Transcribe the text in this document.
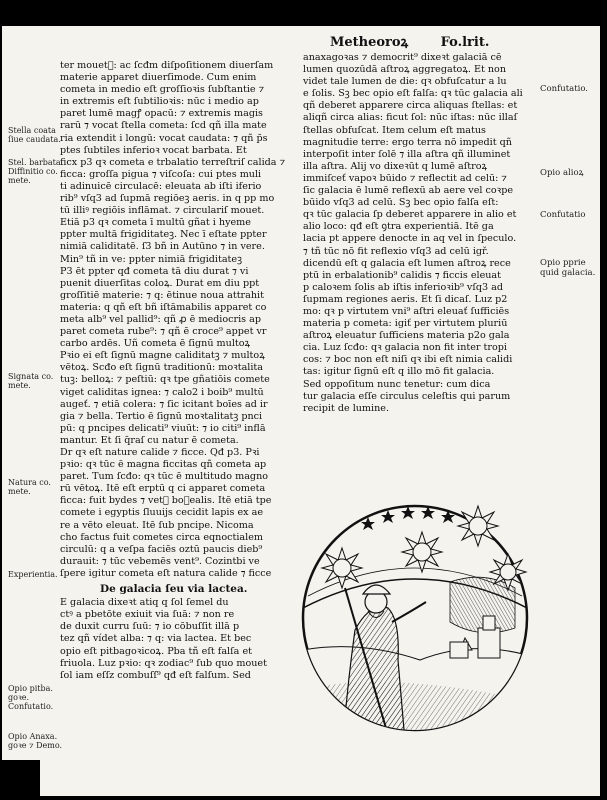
Metheoroꝝ	Fo.lrit.
ter mouetᷣ: ac ſcđm diſpoſitionem diuerſam
materie apparet diuerſimode. Cum enim
cometa in medio eſt groſſioꝛis ſubſtantie ⁊
in extremis eſt ſubtilioꝛis: nūc i medio ap
paret lumē magꝭ opacū: ⁊ extremis magis
rarū ⁊ vocat ſtella cometa: ſcd qñ illa mate
ria extendit i longū: vocat caudata: ⁊ qñ p̄s
ptes ſubtiles inferioꝛ vocat barbata. Et
ficx p3 qꝛ cometa e trbalatio terreſtriſ calida ⁊
ficca: groſſa pigua ⁊ viſcoſa: cui ptes muli
ti adinuicē circulacē: eleuata ab iſti iferio
rib⁹ vſq3 ad ſupmā regiōeꝫ aeris. in q pp mo
tū illiꝰ regiōis inflāmat. ⁊ circulariſ mouet.
Etiā p3 qꝛ cometa ī multū gñat i hyeme
ppter multā frigiditateꝫ. Nec ī eſtate ppter
nimiā caliditatē. ſ3 bñ in Autūno ⁊ in vere.
Min⁹ tñ in ve: ppter nimiā frigiditateꝫ
P3 ēt ppter qđ cometa tā diu durat ⁊ vi
puenit diuerſitas coloꝝ. Durat em diu ppt
groſſitiē materie: ⁊ q: ētinue noua attrahit
materia: q qñ eſt bñ iſtāmabilis apparet co
meta alb⁹ vel pallid⁹: qñ ꝓ ē mediocris ap
paret cometa rube⁹: ⁊ qñ ē croce⁹ appet vr
carbo ardēs. Uñ cometa ē ſignū multoꝝ
Pꝛio ei eſt ſignū magne caliditatꝫ ⁊ multoꝝ
vētoꝝ. Scđo eſt ſignū traditionū: moꝛtalita
tuꝫ: belloꝝ: ⁊ peſtiū: qꝛ tpe gñatiōis comete
viget caliditas ignea: ⁊ calo2 i boib⁹ multū
augeť. ⁊ etiā colera: ⁊ ſic icitant boīes ad ir
gia ⁊ bella. Tertio ē ſignū moꝛtalitatꝫ pnci
pū: q pncipes delicati⁹ viuūt: ⁊ io citi⁹ inflā
mantur. Et ſi q̄raſ cu natur ē cometa.
Dr qꝛ eſt nature calide ⁊ ficce. Qđ p3. Pꝛi
pꝛio: qꝛ tūc ē magna ficcitas qñ cometa ap
paret. Tum ſcđo: qꝛ tūc ē multitudo magno
rū vētoꝝ. Itē eſt erptū q ci apparet cometa
ficca: fuit bydes ⁊ vetᷣ boꝛealis. Itē etiā tpe
comete i egyptis ſluuijs cecidit lapis ex ae
re a vēto eleuat. Itē ſub pncipe. Nicoma
cho factus fuit cometes circa eqnoctialem
circulū: q a veſpa faciēs oztū paucis dieb⁹
durauit: ⁊ tūc vebemēs vent⁹. Cozintbi ve
ſpere igitur cometa eſt natura calide ⁊ ficce
De galacia ſeu via lactea.
E galacia dixeꝛt atiq q ſol ſemel du
ctꝰ a pbetōte exiuit via ſuā: ⁊ non re
de duxit curru ſuū: ⁊ io cōbuſſit illā p
tez qñ vídet alba: ⁊ q: via lactea. Et bec
opio eſt pitbagoꝛicoꝝ. Pba tñ eſt falſa et
friuola. Luz pꝛio: qꝛ zodiac⁹ ſub quo mouet
ſol iam eſſz combuſſ⁹ qđ eſt falſum. Sed
anaxagoꝛas ⁊ democrit⁹ dixeꝛt galaciā cē
lumen quozūdā aſtroꝝ aggregatoꝝ. Et non
videt tale lumen de die: qꝛ obfuſcatur a lu
e ſolis. Sꝫ bec opio eſt falſa: qꝛ tūc galacia ali
qñ deberet apparere circa aliquas ſtellas: et
aliqñ circa alias: ficut ſol: nūc iſtas: nūc illaſ
ſtellas obfuſcat. Item celum eſt matus
magnitudie terre: ergo terra nō impedit qñ
interpoſit inter ſolē ⁊ illa aſtra qñ illuminet
illa aſtra. Alij vo dixeꝛūt q lumē aſtroꝝ
immiſceť vapoꝛ būido ⁊ reflectit ad celū: ⁊
ſic galacia ē lumē reflexū ab aere vel coꝛpe
būido vſq3 ad celū. Sꝫ bec opio falſa eſt:
qꝛ tūc galacia ſp deberet apparere in alio et
alio loco: qđ eſt ꝯtra experientiā. Itē ga
lacia pt appere denocte in aq vel in ſpeculo.
⁊ tñ tūc nō fit reflexio vſq3 ad celū igř.
dicendū eſt q galacia eſt lumen aſtroꝝ rece
ptū in erbalationib⁹ calidis ⁊ ficcis eleuat
p caloꝛem ſolis ab iſtis inferioꝛib⁹ vſq3 ad
ſupmam regiones aeris. Et ſi dicaſ. Luz p2
mo: qꝛ p virtutem vni⁹ aſtri eleuať ſufficiēs
materia p cometa: igiť per virtutem pluriū
aſtroꝝ eleuatur ſufficiens materia p2o gala
cia. Luz ſcđo: qꝛ galacia non fit inter tropi
cos: ⁊ boc non eſt niſi qꝛ ibi eſt nimia calidi
tas: igitur ſignū eſt q illo mō fit galacia.
Sed oppoſitum nunc tenetur: cum dica
tur galacia eſſe circulus celeſtis qui parum
recipit de lumine.
Stella coata ſiue caudata.
Stel. barbata. Diffinitio co. mete.
Signata co. mete.
Natura co. mete.
Experientia.
Opio pitba. goꝛe. Confutatio.
Opio Anaxa. goꝛe ⁊ Demo.
Confutatio.
Opio alioꝝ
Confutatio
Opio pprie quid galacia.
